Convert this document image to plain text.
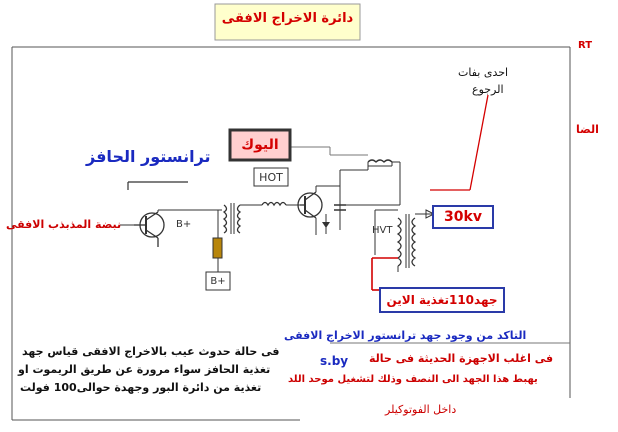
دائرة الاخراج الافقى
RT
الضا
اليوك
HOT
HVT
30kv
B+
B+
جهد110تغذية الاين
ترانستور الحافز
نبضة المذبذب الافقى
احدى بفات
الرجوع
التاكد من وجود جهد ترانستور الاخراج الافقى
فى اغلب الاجهزة الحديثة فى حالة
s.by
يهبط هذا الجهد الى النصف وذلك لتشغيل موحد اللد
داخل الفوتوكيلر
فى حالة حدوث عيب بالاخراج الافقى قياس جهد
تغذية الحافز سواء مرورة عن طريق الريموت او
تغذية من دائرة البور وجهدة حوالى100 فولت
